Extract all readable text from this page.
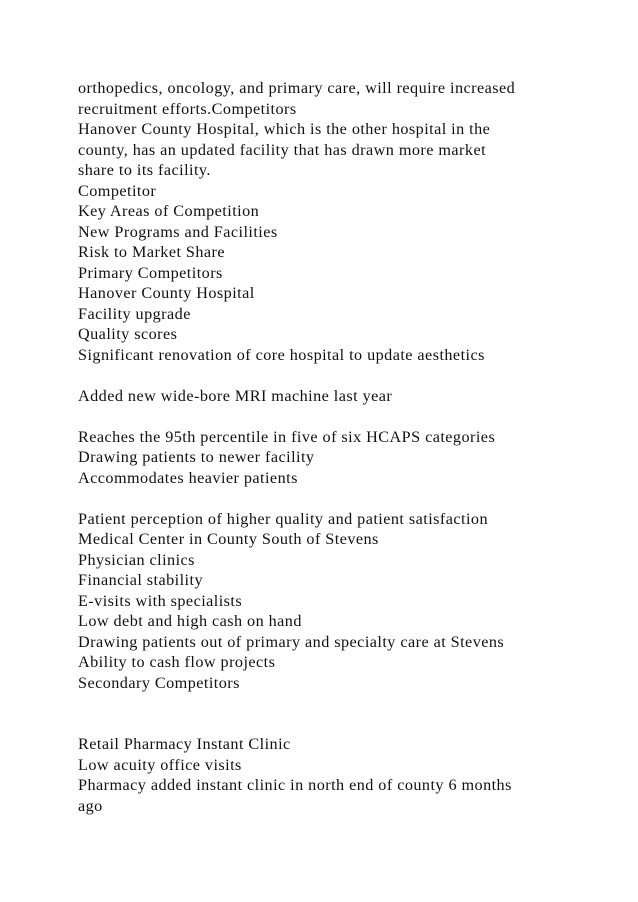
orthopedics, oncology, and primary care, will require increased
recruitment efforts.Competitors
Hanover County Hospital, which is the other hospital in the
county, has an updated facility that has drawn more market
share to its facility.
Competitor
Key Areas of Competition
New Programs and Facilities
Risk to Market Share
Primary Competitors
Hanover County Hospital
Facility upgrade
Quality scores
Significant renovation of core hospital to update aesthetics
Added new wide-bore MRI machine last year
Reaches the 95th percentile in five of six HCAPS categories
Drawing patients to newer facility
Accommodates heavier patients
Patient perception of higher quality and patient satisfaction
Medical Center in County South of Stevens
Physician clinics
Financial stability
E-visits with specialists
Low debt and high cash on hand
Drawing patients out of primary and specialty care at Stevens
Ability to cash flow projects
Secondary Competitors
Retail Pharmacy Instant Clinic
Low acuity office visits
Pharmacy added instant clinic in north end of county 6 months
ago
